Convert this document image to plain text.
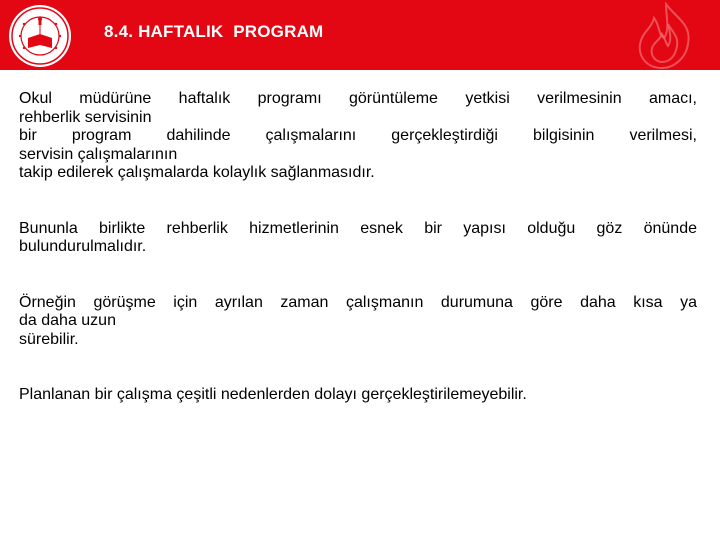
8.4. HAFTALIK  PROGRAM
Okul müdürüne haftalık programı görüntüleme yetkisi verilmesinin amacı,
rehberlik servisinin
bir program dahilinde çalışmalarını gerçekleştirdiği bilgisinin verilmesi,
servisin çalışmalarının
takip edilerek çalışmalarda kolaylık sağlanmasıdır.
Bununla birlikte rehberlik hizmetlerinin esnek bir yapısı olduğu göz önünde
bulundurulmalıdır.
Örneğin görüşme için ayrılan zaman çalışmanın durumuna göre daha kısa ya
da daha uzun
sürebilir.
Planlanan bir çalışma çeşitli nedenlerden dolayı gerçekleştirilemeyebilir.
